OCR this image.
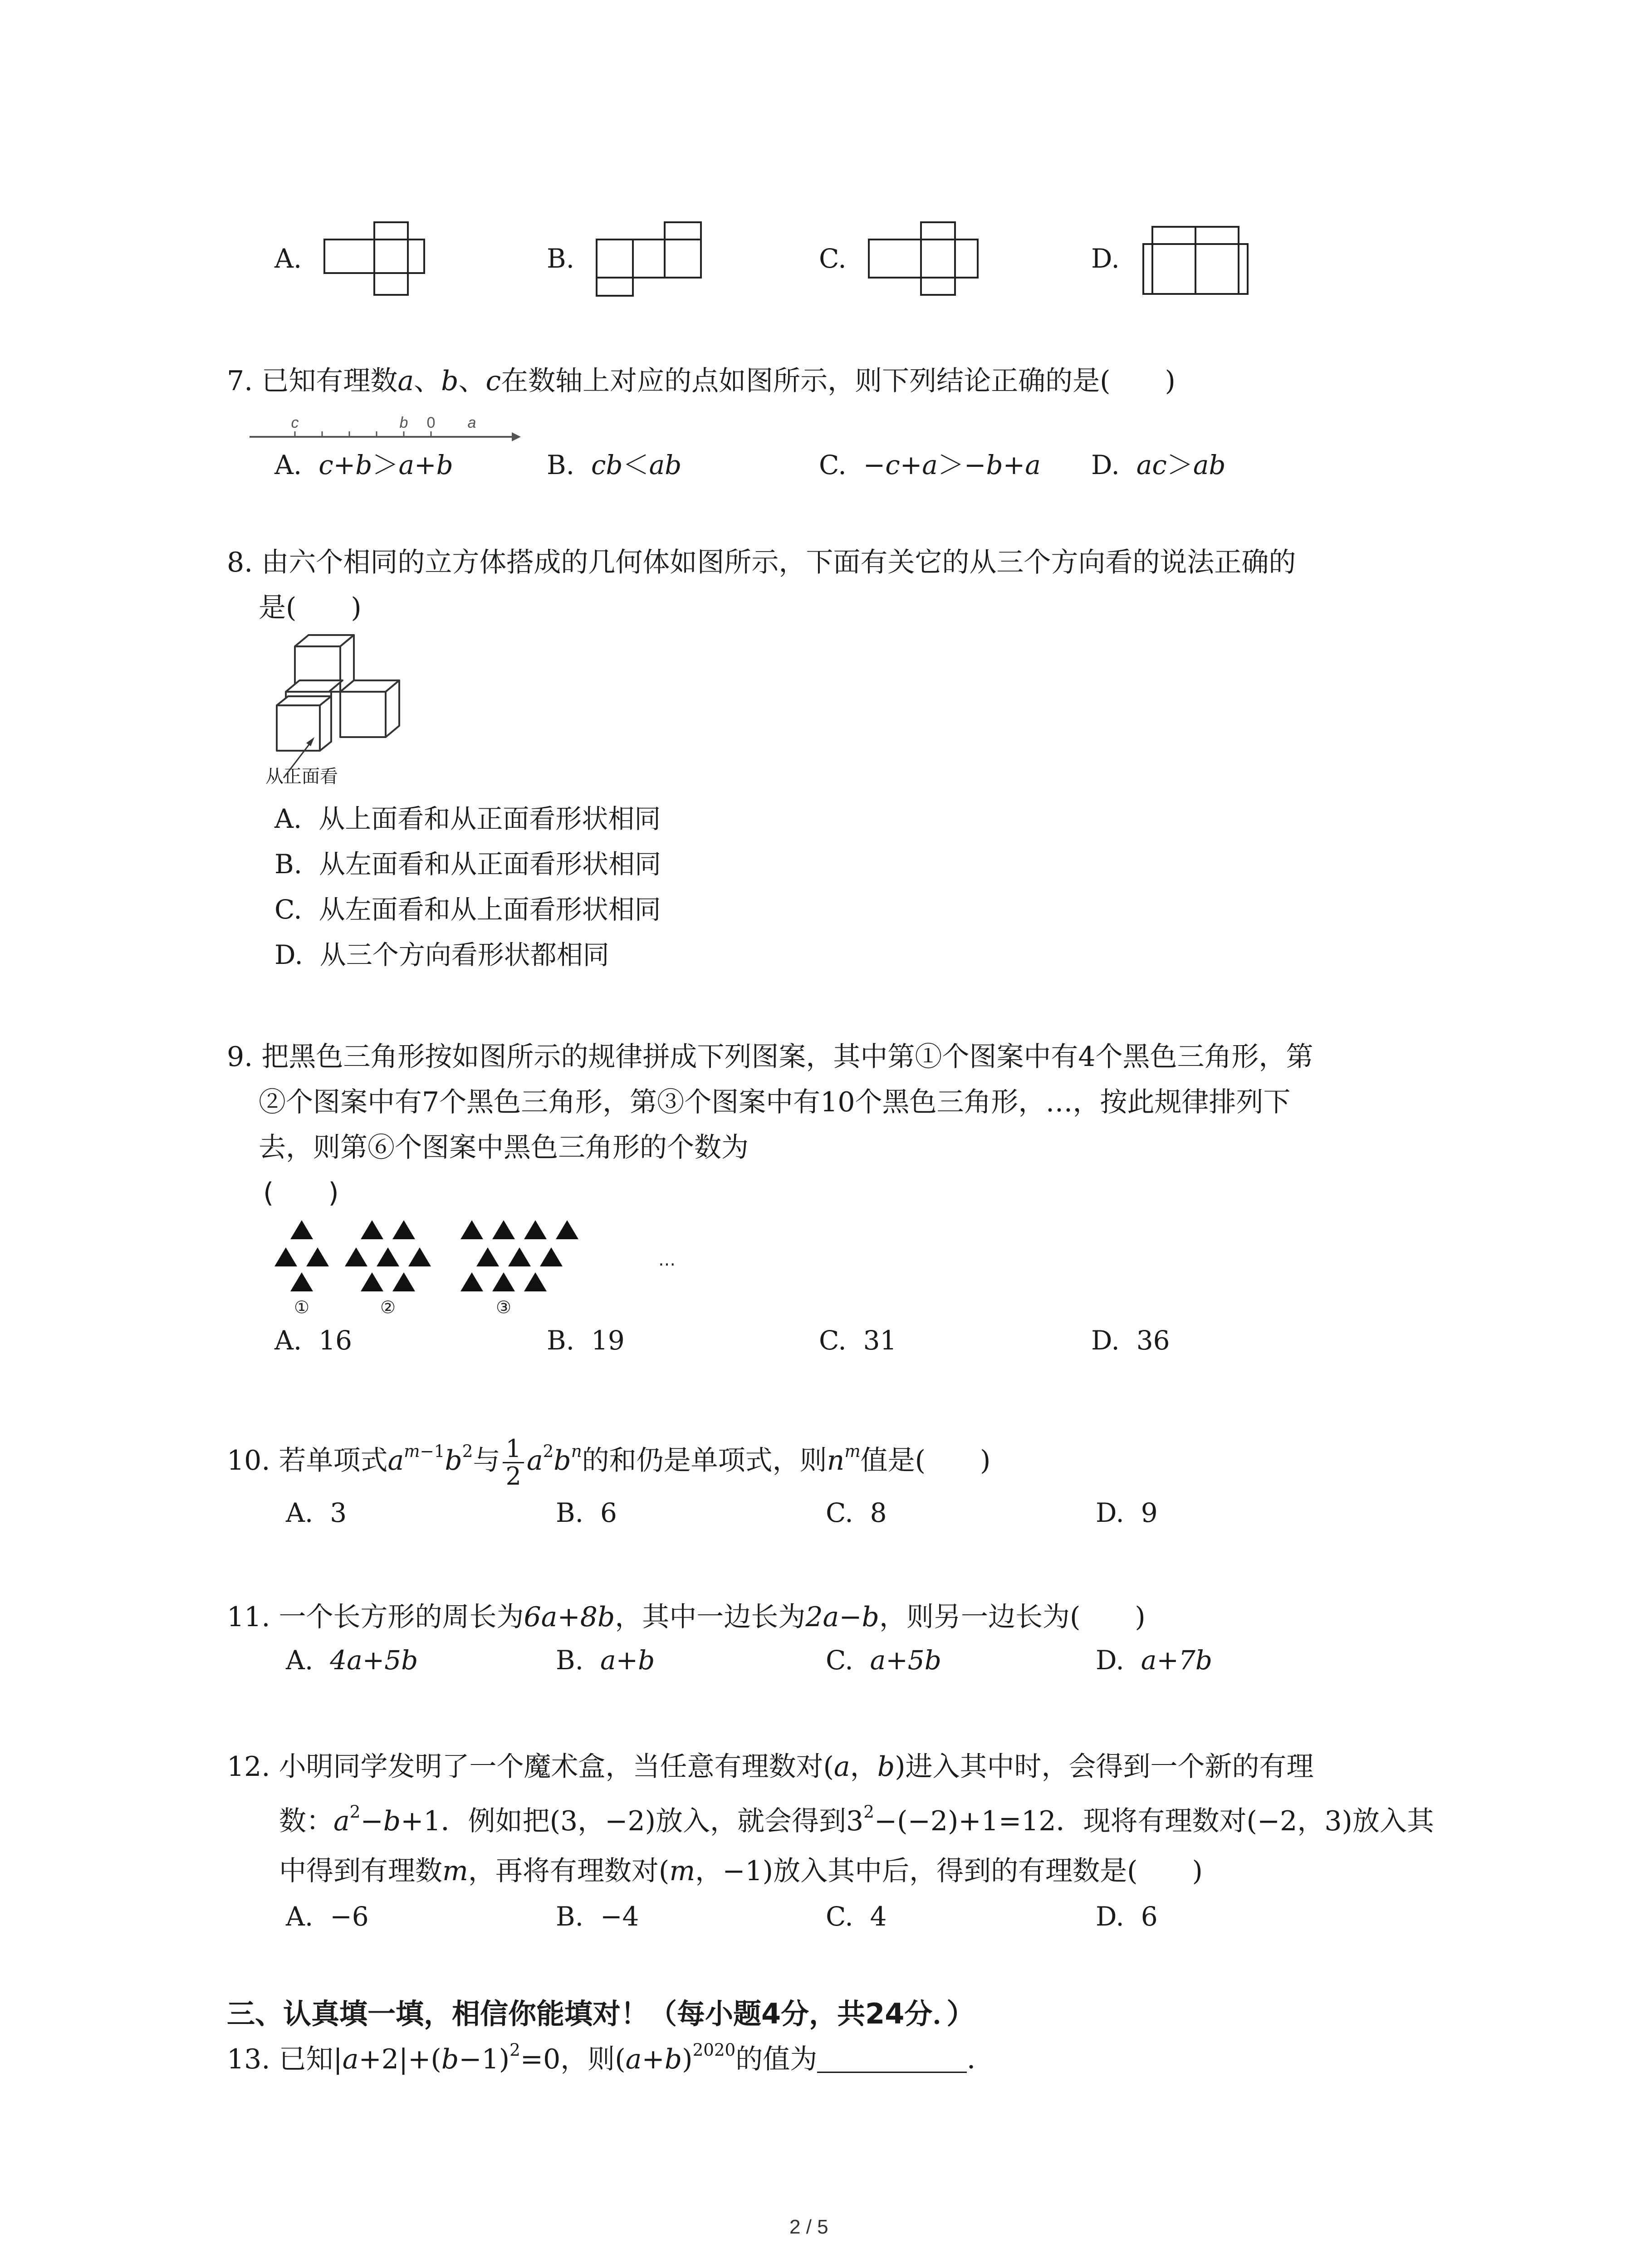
A.	B.	C.	D.
7. 已知有理数a、b、c在数轴上对应的点如图所示，则下列结论正确的是(　　)
c	b 0 a
A. c+b＞a+b	B. cb＜ab	C. −c+a＞−b+a D. ac＞ab
8. 由六个相同的立方体搭成的几何体如图所示，下面有关它的从三个方向看的说法正确的
是(　　)
从正面看
A. 从上面看和从正面看形状相同
B. 从左面看和从正面看形状相同
C. 从左面看和从上面看形状相同
D. 从三个方向看形状都相同
9. 把黑色三角形按如图所示的规律拼成下列图案，其中第①个图案中有4个黑色三角形，第
②个图案中有7个黑色三角形，第③个图案中有10个黑色三角形，…，按此规律排列下
去，则第⑥个图案中黑色三角形的个数为
(　　)
①	②	③
…
A. 16	B. 19	C. 31	D. 36
10. 若单项式$a^{m-1}b^2$与 $\frac{1}{2} a^2b^n$的和仍是单项式，则$n^m$值是(　　)
A. 3	B. 6	C. 8	D. 9
11. 一个长方形的周长为6a+8b，其中一边长为2a−b，则另一边长为(　　)
A. 4a+5b	B. a+b	C. a+5b	D. a+7b
12. 小明同学发明了一个魔术盒，当任意有理数对(a，b)进入其中时，会得到一个新的有理
数：$a^2-b+1$．例如把(3，−2)放入，就会得到$3^2-(-2)+1=12$．现将有理数对(−2，3)放入其
中得到有理数m，再将有理数对(m，−1)放入其中后，得到的有理数是(　　)
A. −6	B. −4	C. 4	D. 6
三、认真填一填，相信你能填对！（每小题4分，共24分．）
13. 已知$|a+2|+(b-1)^2=0$，则$(a+b)^{2020}$的值为	．
2 / 5
